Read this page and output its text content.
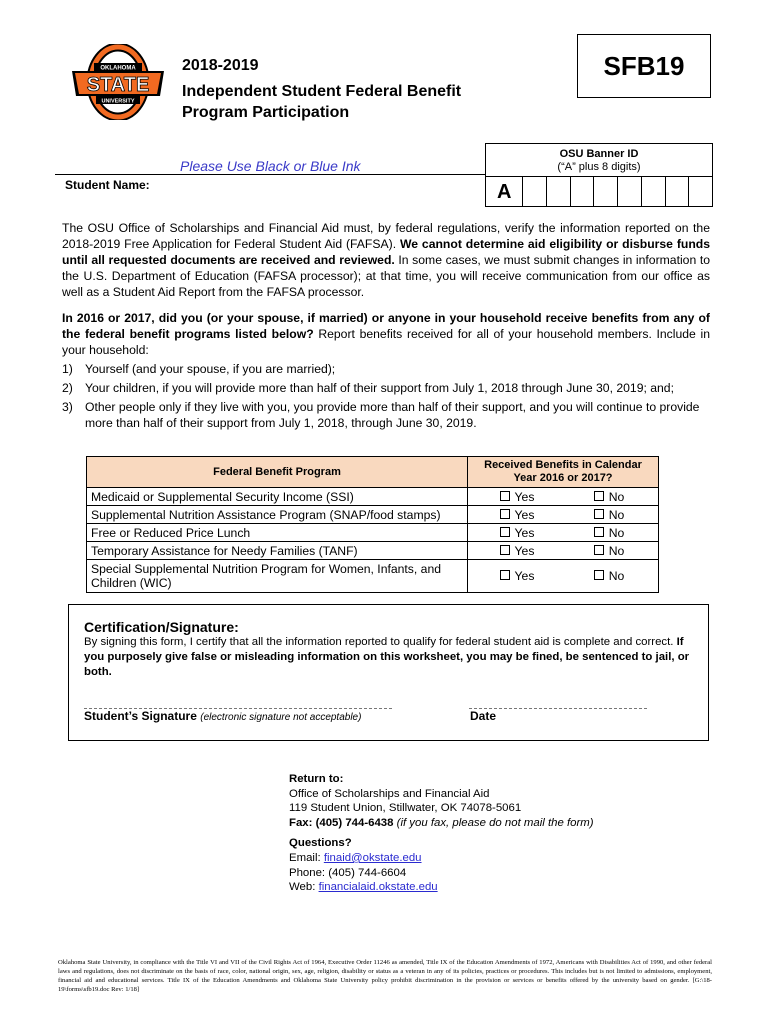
OKLAHOMA
STATE
UNIVERSITY
2018-2019
Independent Student Federal Benefit
Program Participation
SFB19
OSU Banner ID
(“A” plus 8 digits)
A
Please Use Black or Blue Ink
Student Name:
The OSU Office of Scholarships and Financial Aid must, by federal regulations, verify the information reported on the 2018-2019 Free Application for Federal Student Aid (FAFSA). We cannot determine aid eligibility or disburse funds until all requested documents are received and reviewed. In some cases, we must submit changes in information to the U.S. Department of Education (FAFSA processor); at that time, you will receive communication from our office as well as a Student Aid Report from the FAFSA processor.
In 2016 or 2017, did you (or your spouse, if married) or anyone in your household receive benefits from any of the federal benefit programs listed below? Report benefits received for all of your household members. Include in your household:
1) Yourself (and your spouse, if you are married);
2) Your children, if you will provide more than half of their support from July 1, 2018 through June 30, 2019; and;
3) Other people only if they live with you, you provide more than half of their support, and you will continue to provide more than half of their support from July 1, 2018, through June 30, 2019.
Federal Benefit Program	Received Benefits in Calendar
Year 2016 or 2017?

Medicaid or Supplemental Security Income (SSI)	Yes No
Supplemental Nutrition Assistance Program (SNAP/food stamps)	Yes No
Free or Reduced Price Lunch	Yes No
Temporary Assistance for Needy Families (TANF)	Yes No
Special Supplemental Nutrition Program for Women, Infants, and Children (WIC)	Yes No
Certification/Signature:
By signing this form, I certify that all the information reported to qualify for federal student aid is complete and correct. If you purposely give false or misleading information on this worksheet, you may be fined, be sentenced to jail, or both.
Student’s Signature (electronic signature not acceptable)	Date
Return to:
Office of Scholarships and Financial Aid
119 Student Union, Stillwater, OK 74078-5061
Fax: (405) 744-6438 (if you fax, please do not mail the form)
Questions?
Email: finaid@okstate.edu
Phone: (405) 744-6604
Web: financialaid.okstate.edu
Oklahoma State University, in compliance with the Title VI and VII of the Civil Rights Act of 1964, Executive Order 11246 as amended, Title IX of the Education Amendments of 1972, Americans with Disabilities Act of 1990, and other federal laws and regulations, does not discriminate on the basis of race, color, national origin, sex, age, religion, disability or status as a veteran in any of its policies, practices or procedures. This includes but is not limited to admissions, employment, financial aid and educational services. Title IX of the Education Amendments and Oklahoma State University policy prohibit discrimination in the provision or services or benefits offered by the university based on gender. [G:\18-19\forms\sfb19.doc Rev: 1/18]
